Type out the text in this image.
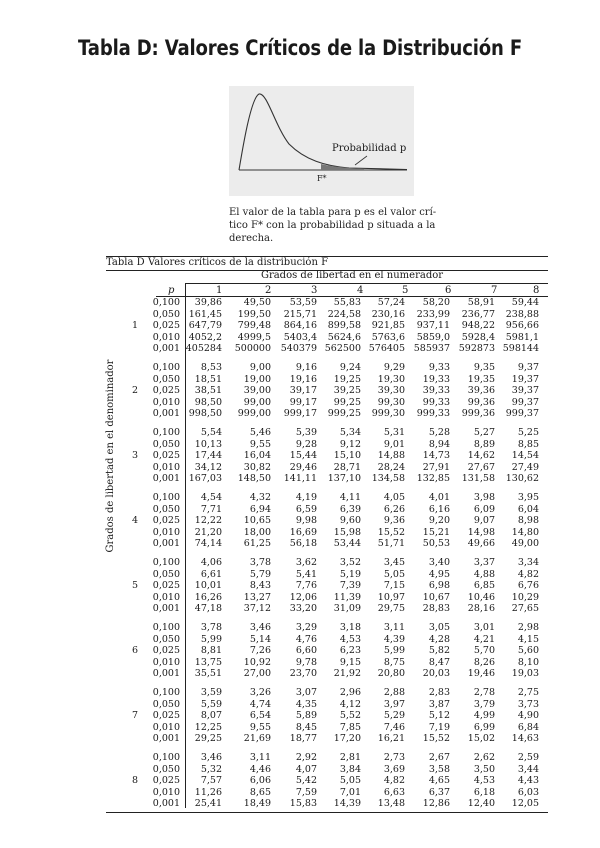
Tabla D: Valores Críticos de la Distribución F
Probabilidad p
F*
El valor de la tabla para p es el valor crí-
tico F* con la probabilidad p situada a la
derecha.
Tabla D Valores críticos de la distribución F
Grados de libertad en el numerador
p	1	2	3	4	5	6	7	8
Grados de libertad en el denominador
0,100	39,86	49,50	53,59	55,83	57,24	58,20	58,91	59,44
0,050 161,45	199,50	215,71	224,58	230,16	233,99	236,77	238,88
1	0,025 647,79	799,48	864,16	899,58	921,85	937,11	948,22	956,66
0,010 4052,2	4999,5	5403,4	5624,6	5763,6	5859,0	5928,4	5981,1
0,001 405284	500000	540379 562500 576405 585937 592873 598144
0,100	8,53	9,00	9,16	9,24	9,29	9,33	9,35	9,37
0,050	18,51	19,00	19,16	19,25	19,30	19,33	19,35	19,37
2	0,025	38,51	39,00	39,17	39,25	39,30	39,33	39,36	39,37
0,010	98,50	99,00	99,17	99,25	99,30	99,33	99,36	99,37
0,001 998,50	999,00	999,17	999,25	999,30	999,33	999,36	999,37
0,100	5,54	5,46	5,39	5,34	5,31	5,28	5,27	5,25
0,050	10,13	9,55	9,28	9,12	9,01	8,94	8,89	8,85
3	0,025	17,44	16,04	15,44	15,10	14,88	14,73	14,62	14,54
0,010	34,12	30,82	29,46	28,71	28,24	27,91	27,67	27,49
0,001 167,03	148,50	141,11	137,10	134,58	132,85	131,58	130,62
0,100	4,54	4,32	4,19	4,11	4,05	4,01	3,98	3,95
0,050	7,71	6,94	6,59	6,39	6,26	6,16	6,09	6,04
4	0,025	12,22	10,65	9,98	9,60	9,36	9,20	9,07	8,98
0,010	21,20	18,00	16,69	15,98	15,52	15,21	14,98	14,80
0,001	74,14	61,25	56,18	53,44	51,71	50,53	49,66	49,00
0,100	4,06	3,78	3,62	3,52	3,45	3,40	3,37	3,34
0,050	6,61	5,79	5,41	5,19	5,05	4,95	4,88	4,82
5	0,025	10,01	8,43	7,76	7,39	7,15	6,98	6,85	6,76
0,010	16,26	13,27	12,06	11,39	10,97	10,67	10,46	10,29
0,001	47,18	37,12	33,20	31,09	29,75	28,83	28,16	27,65
0,100	3,78	3,46	3,29	3,18	3,11	3,05	3,01	2,98
0,050	5,99	5,14	4,76	4,53	4,39	4,28	4,21	4,15
6	0,025	8,81	7,26	6,60	6,23	5,99	5,82	5,70	5,60
0,010	13,75	10,92	9,78	9,15	8,75	8,47	8,26	8,10
0,001	35,51	27,00	23,70	21,92	20,80	20,03	19,46	19,03
0,100	3,59	3,26	3,07	2,96	2,88	2,83	2,78	2,75
0,050	5,59	4,74	4,35	4,12	3,97	3,87	3,79	3,73
7	0,025	8,07	6,54	5,89	5,52	5,29	5,12	4,99	4,90
0,010	12,25	9,55	8,45	7,85	7,46	7,19	6,99	6,84
0,001	29,25	21,69	18,77	17,20	16,21	15,52	15,02	14,63
0,100	3,46	3,11	2,92	2,81	2,73	2,67	2,62	2,59
0,050	5,32	4,46	4,07	3,84	3,69	3,58	3,50	3,44
8	0,025	7,57	6,06	5,42	5,05	4,82	4,65	4,53	4,43
0,010	11,26	8,65	7,59	7,01	6,63	6,37	6,18	6,03
0,001	25,41	18,49	15,83	14,39	13,48	12,86	12,40	12,05
